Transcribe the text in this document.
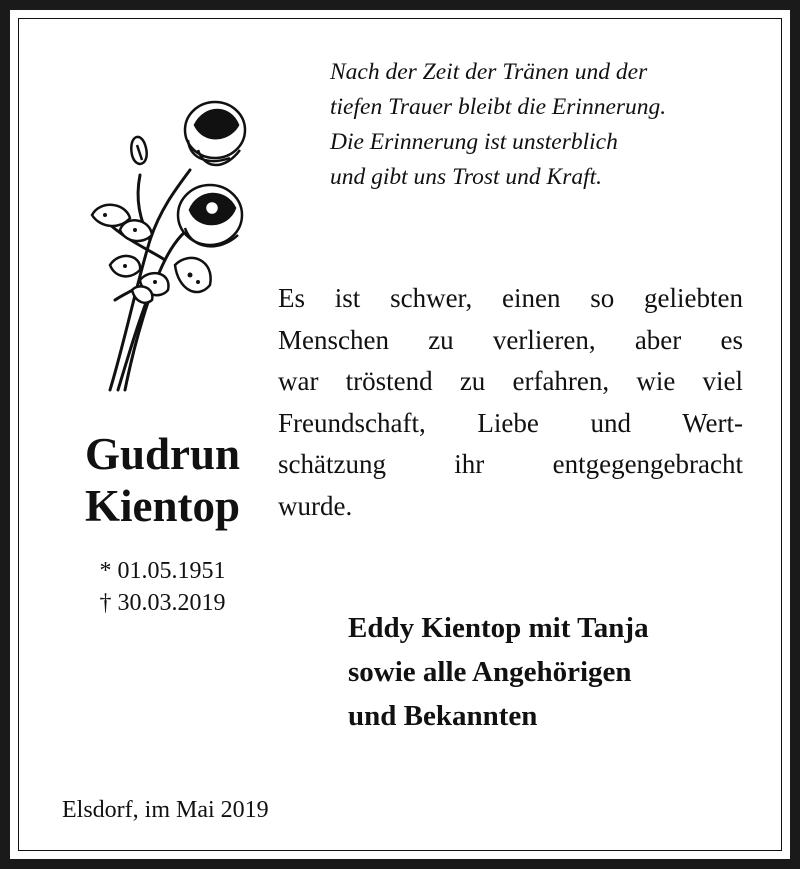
Nach der Zeit der Tränen und der
tiefen Trauer bleibt die Erinnerung.
Die Erinnerung ist unsterblich
und gibt uns Trost und Kraft.
Es ist schwer, einen so geliebten
Menschen zu verlieren, aber es
war tröstend zu erfahren, wie viel
Freundschaft, Liebe und Wert-
schätzung ihr entgegengebracht
wurde.
Gudrun
Kientop
* 01.05.1951
† 30.03.2019
Eddy Kientop mit Tanja
sowie alle Angehörigen
und Bekannten
Elsdorf, im Mai 2019
